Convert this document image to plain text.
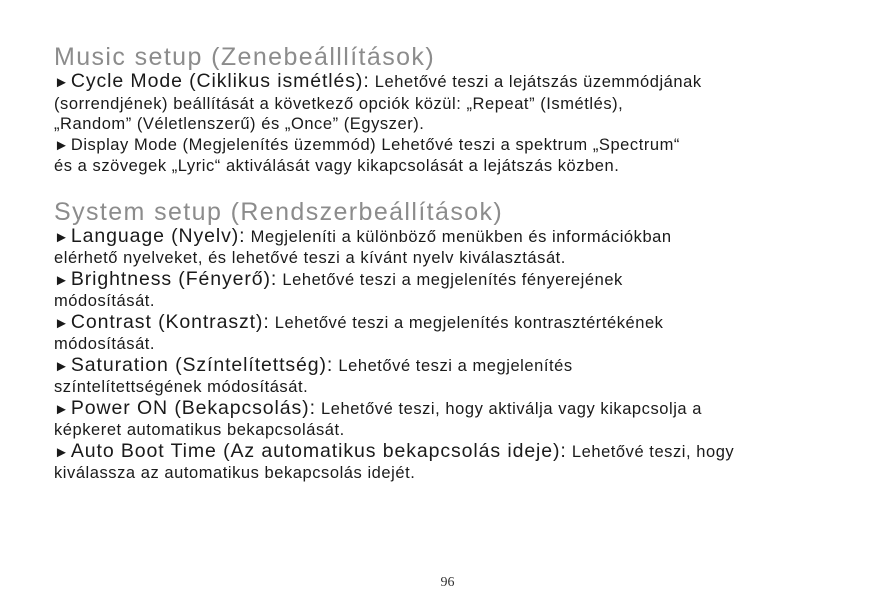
Music setup (Zenebeálllítások)

► Cycle Mode (Ciklikus ismétlés): Lehetővé teszi a lejátszás üzemmódjának
(sorrendjének) beállítását a következő opciók közül: „Repeat” (Ismétlés),
„Random” (Véletlenszerű) és „Once” (Egyszer).

► Display Mode (Megjelenítés üzemmód) Lehetővé teszi a spektrum „Spectrum“
és a szövegek „Lyric“ aktiválását vagy kikapcsolását a lejátszás közben.

System setup (Rendszerbeállítások)

► Language (Nyelv): Megjeleníti a különböző menükben és információkban
elérhető nyelveket, és lehetővé teszi a kívánt nyelv kiválasztását.

► Brightness (Fényerő): Lehetővé teszi a megjelenítés fényerejének
módosítását.

► Contrast (Kontraszt): Lehetővé teszi a megjelenítés kontrasztértékének
módosítását.

► Saturation (Színtelítettség): Lehetővé teszi a megjelenítés
színtelítettségének módosítását.

► Power ON (Bekapcsolás): Lehetővé teszi, hogy aktiválja vagy kikapcsolja a
képkeret automatikus bekapcsolását.

► Auto Boot Time (Az automatikus bekapcsolás ideje): Lehetővé teszi, hogy
kiválassza az automatikus bekapcsolás idejét.

96
